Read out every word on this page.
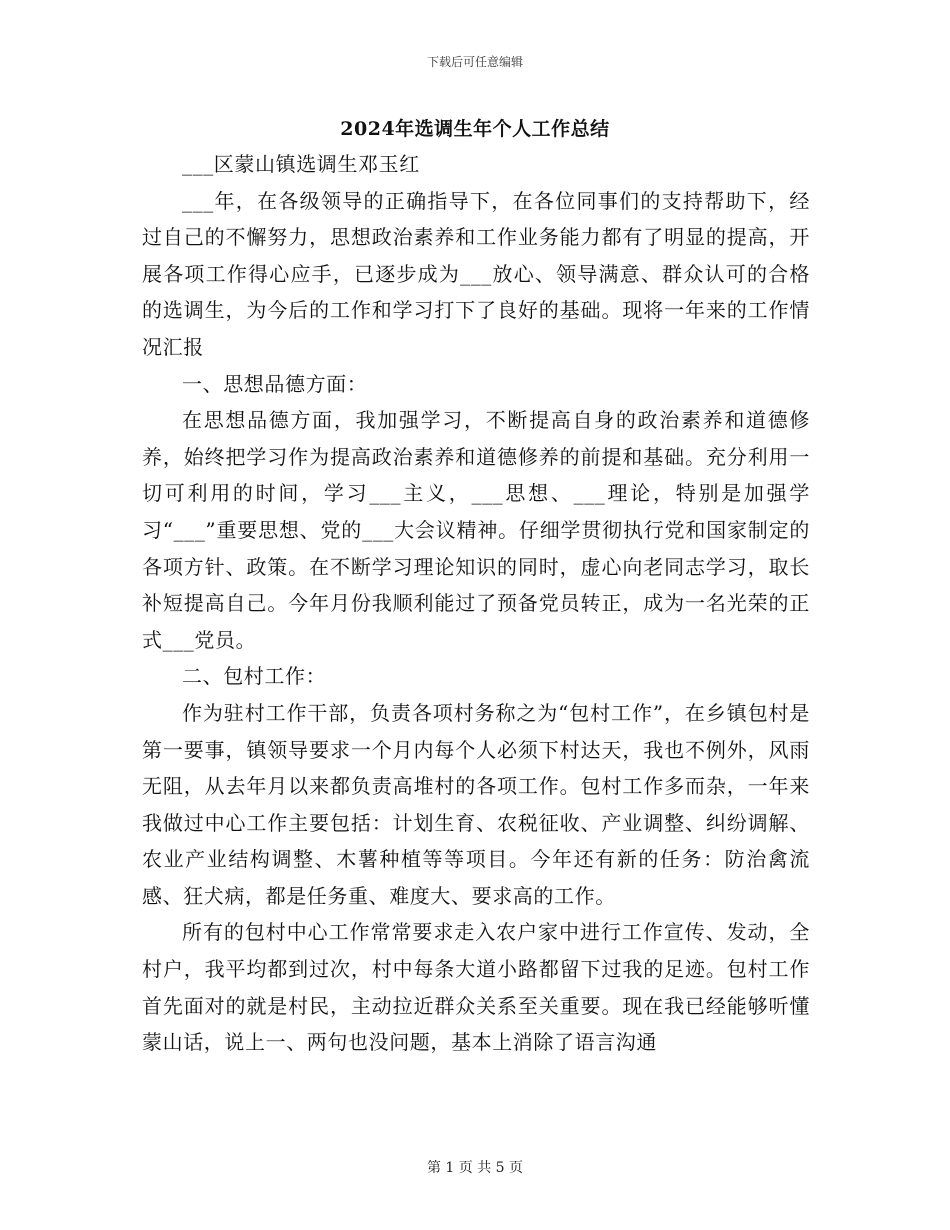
下载后可任意编辑
2024年选调生年个人工作总结

___区蒙山镇选调生邓玉红

___年，在各级领导的正确指导下，在各位同事们的支持帮助下，经过自己的不懈努力，思想政治素养和工作业务能力都有了明显的提高，开展各项工作得心应手，已逐步成为___放心、领导满意、群众认可的合格的选调生，为今后的工作和学习打下了良好的基础。现将一年来的工作情况汇报

一、思想品德方面：

在思想品德方面，我加强学习，不断提高自身的政治素养和道德修养，始终把学习作为提高政治素养和道德修养的前提和基础。充分利用一切可利用的时间，学习___主义，___思想、___理论，特别是加强学习“___”重要思想、党的___大会议精神。仔细学贯彻执行党和国家制定的各项方针、政策。在不断学习理论知识的同时，虚心向老同志学习，取长补短提高自己。今年月份我顺利能过了预备党员转正，成为一名光荣的正式___党员。

二、包村工作：

作为驻村工作干部，负责各项村务称之为“包村工作”，在乡镇包村是第一要事，镇领导要求一个月内每个人必须下村达天，我也不例外，风雨无阻，从去年月以来都负责高堆村的各项工作。包村工作多而杂，一年来我做过中心工作主要包括：计划生育、农税征收、产业调整、纠纷调解、农业产业结构调整、木薯种植等等项目。今年还有新的任务：防治禽流感、狂犬病，都是任务重、难度大、要求高的工作。

所有的包村中心工作常常要求走入农户家中进行工作宣传、发动，全村户，我平均都到过次，村中每条大道小路都留下过我的足迹。包村工作首先面对的就是村民，主动拉近群众关系至关重要。现在我已经能够听懂蒙山话，说上一、两句也没问题，基本上消除了语言沟通

第 1 页 共 5 页
